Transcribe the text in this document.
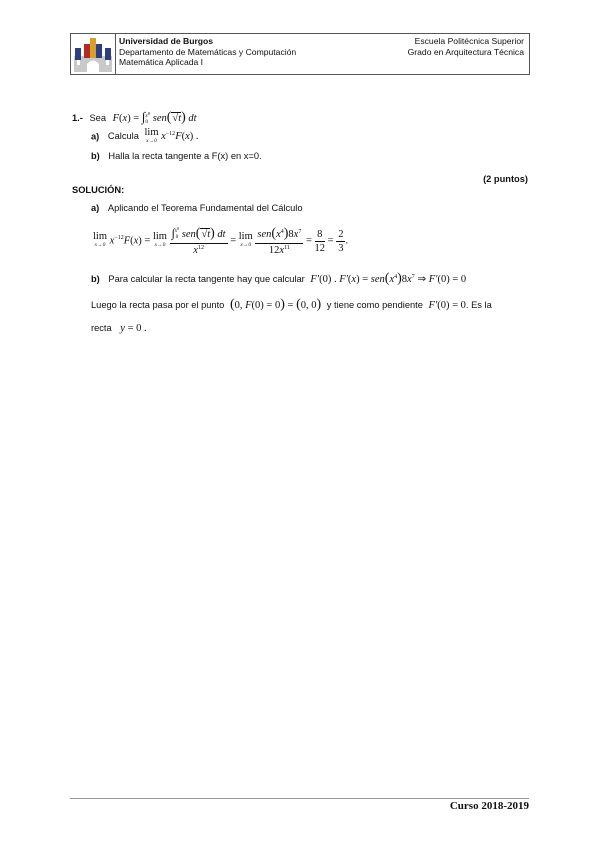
Universidad de Burgos
Departamento de Matemáticas y Computación
Matemática Aplicada I
Escuela Politécnica Superior
Grado en Arquitectura Técnica
1.- Sea F(x) = ∫ $x^8$
0 sen(√t) dt
a) Calcula lim
x→0 $x^{-12}F(x)$ .
b) Halla la recta tangente a F(x) en x=0.
(2 puntos)
SOLUCIÓN:
a) Aplicando el Teorema Fundamental del Cálculo
lim
x→0 $x^{-12}F(x) = \lim$
x→0
∫ $x^8$
0 sen(√t) dt
$x^{12} = \lim$
x→0
$\frac{sen(x^4)8x^7}{12x^{11}} = \frac{8}{12} = \frac{2}{3}$ .
b) Para calcular la recta tangente hay que calcular F′(0) . $F'(x) = sen(x^4)8x^7$ ⇒ F′(0) = 0
Luego la recta pasa por el punto (0, F(0) = 0) = (0, 0) y tiene como pendiente F′(0) = 0. Es la
recta y = 0 .
Curso 2018-2019
